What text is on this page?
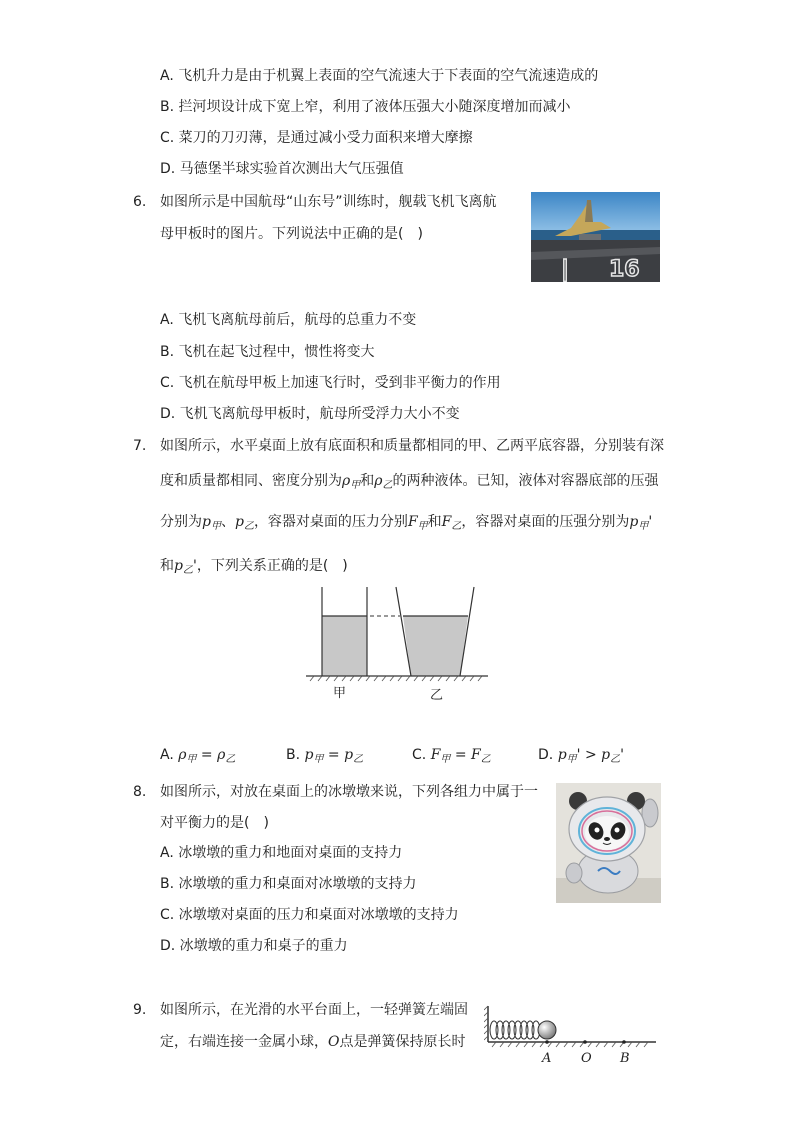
A. 飞机升力是由于机翼上表面的空气流速大于下表面的空气流速造成的
B. 拦河坝设计成下宽上窄，利用了液体压强大小随深度增加而减小
C. 菜刀的刀刃薄，是通过减小受力面积来增大摩擦
D. 马德堡半球实验首次测出大气压强值
6. 如图所示是中国航母“山东号”训练时，舰载飞机飞离航
母甲板时的图片。下列说法中正确的是(　)
16
|
A. 飞机飞离航母前后，航母的总重力不变
B. 飞机在起飞过程中，惯性将变大
C. 飞机在航母甲板上加速飞行时，受到非平衡力的作用
D. 飞机飞离航母甲板时，航母所受浮力大小不变
7. 如图所示，水平桌面上放有底面积和质量都相同的甲、乙两平底容器，分别装有深
度和质量都相同、密度分别为$\rho_甲$和$\rho_乙$的两种液体。已知，液体对容器底部的压强
分别为$p_甲$、$p_乙$，容器对桌面的压力分别$F_甲$和$F_乙$，容器对桌面的压强分别为$p_甲'$
和$p_乙'$，下列关系正确的是(　)
甲	乙
A. $\rho_甲 = \rho_乙$	B. $p_甲 = p_乙$	C. $F_甲 = F_乙$	D. $p_甲' > p_乙'$
8. 如图所示，对放在桌面上的冰墩墩来说，下列各组力中属于一
对平衡力的是(　)
A. 冰墩墩的重力和地面对桌面的支持力
B. 冰墩墩的重力和桌面对冰墩墩的支持力
C. 冰墩墩对桌面的压力和桌面对冰墩墩的支持力
D. 冰墩墩的重力和桌子的重力
9. 如图所示，在光滑的水平台面上，一轻弹簧左端固
定，右端连接一金属小球，O点是弹簧保持原长时
A O B
